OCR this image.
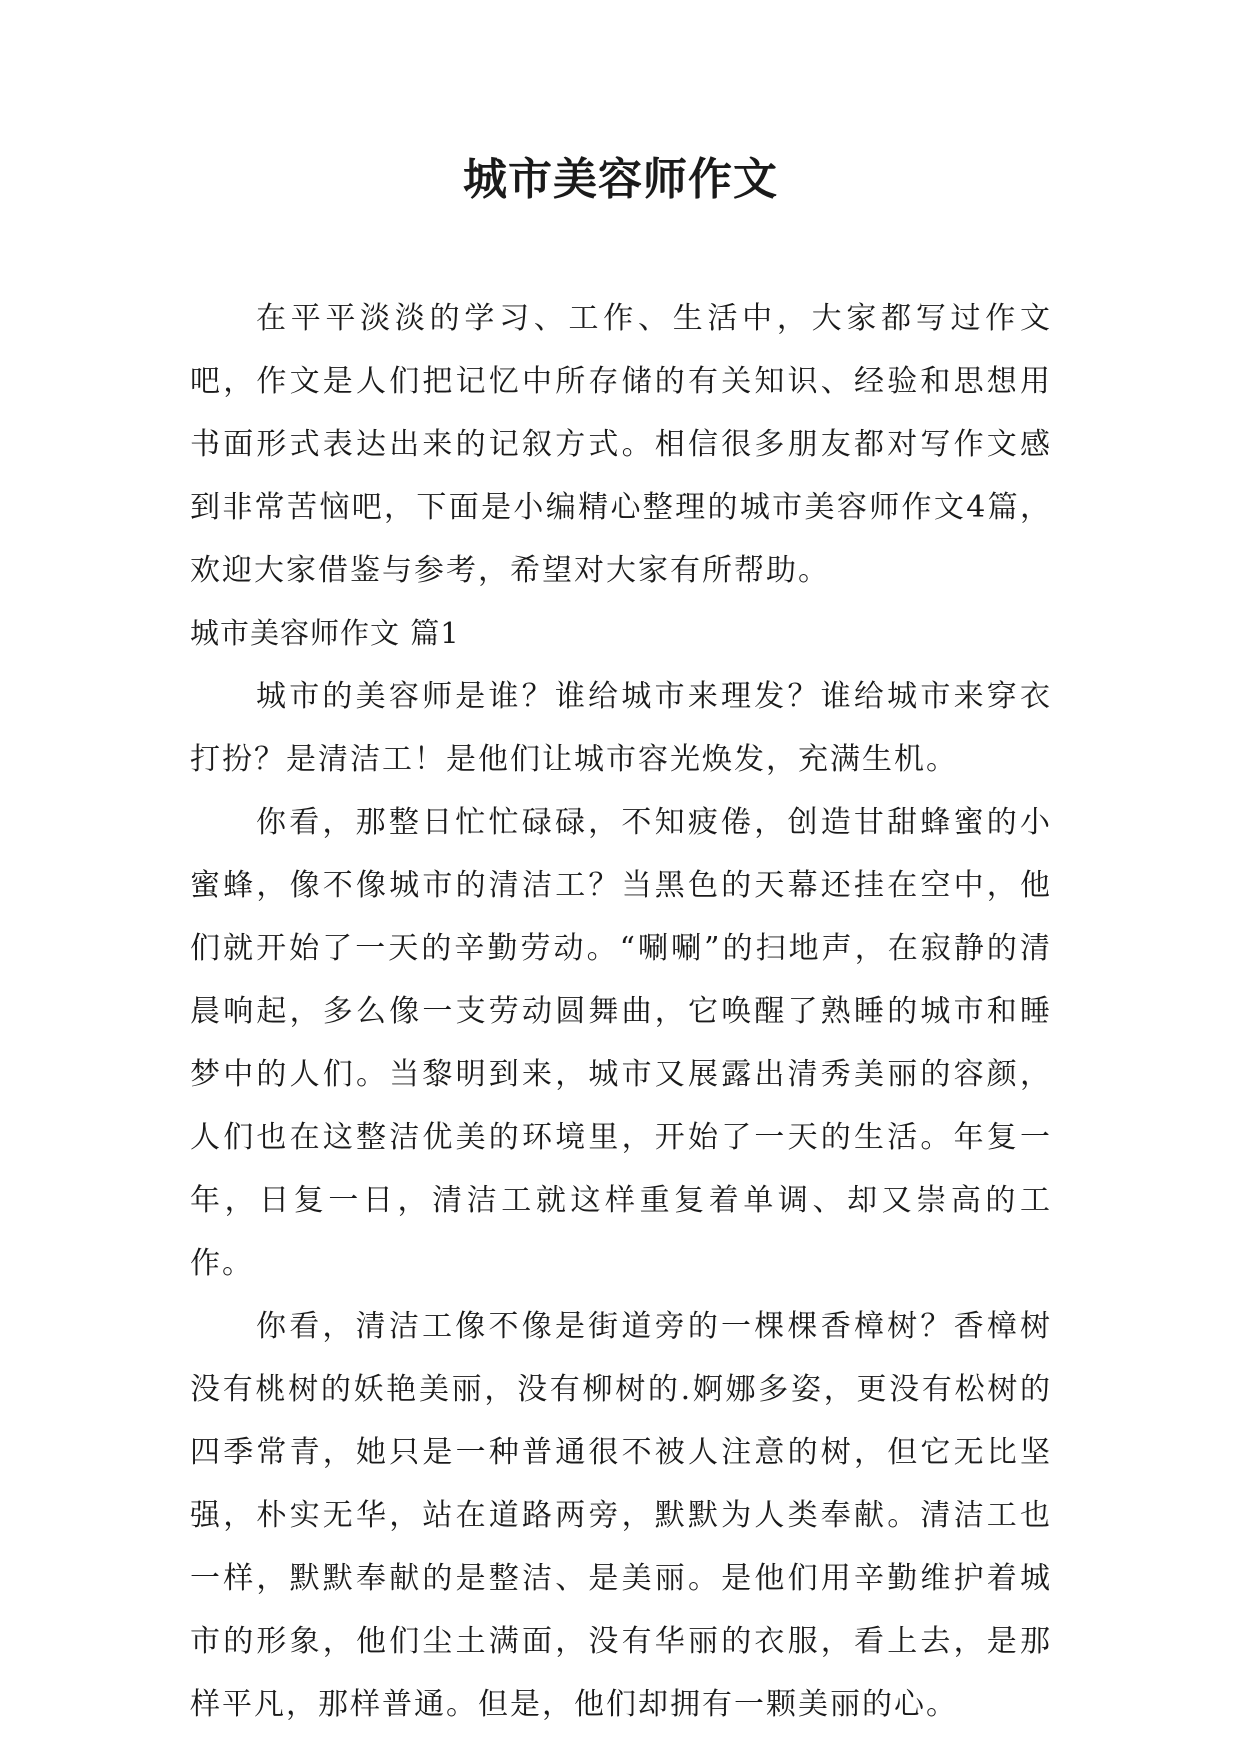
城市美容师作文

在平平淡淡的学习、工作、生活中，大家都写过作文吧，作文是人们把记忆中所存储的有关知识、经验和思想用书面形式表达出来的记叙方式。相信很多朋友都对写作文感到非常苦恼吧，下面是小编精心整理的城市美容师作文4篇，欢迎大家借鉴与参考，希望对大家有所帮助。

城市美容师作文 篇1

城市的美容师是谁？谁给城市来理发？谁给城市来穿衣打扮？是清洁工！是他们让城市容光焕发，充满生机。

你看，那整日忙忙碌碌，不知疲倦，创造甘甜蜂蜜的小蜜蜂，像不像城市的清洁工？当黑色的天幕还挂在空中，他们就开始了一天的辛勤劳动。“唰唰”的扫地声，在寂静的清晨响起，多么像一支劳动圆舞曲，它唤醒了熟睡的城市和睡梦中的人们。当黎明到来，城市又展露出清秀美丽的容颜，人们也在这整洁优美的环境里，开始了一天的生活。年复一年，日复一日，清洁工就这样重复着单调、却又崇高的工作。

你看，清洁工像不像是街道旁的一棵棵香樟树？香樟树没有桃树的妖艳美丽，没有柳树的.婀娜多姿，更没有松树的四季常青，她只是一种普通很不被人注意的树，但它无比坚强，朴实无华，站在道路两旁，默默为人类奉献。清洁工也一样，默默奉献的是整洁、是美丽。是他们用辛勤维护着城市的形象，他们尘土满面，没有华丽的衣服，看上去，是那样平凡，那样普通。但是，他们却拥有一颗美丽的心。
